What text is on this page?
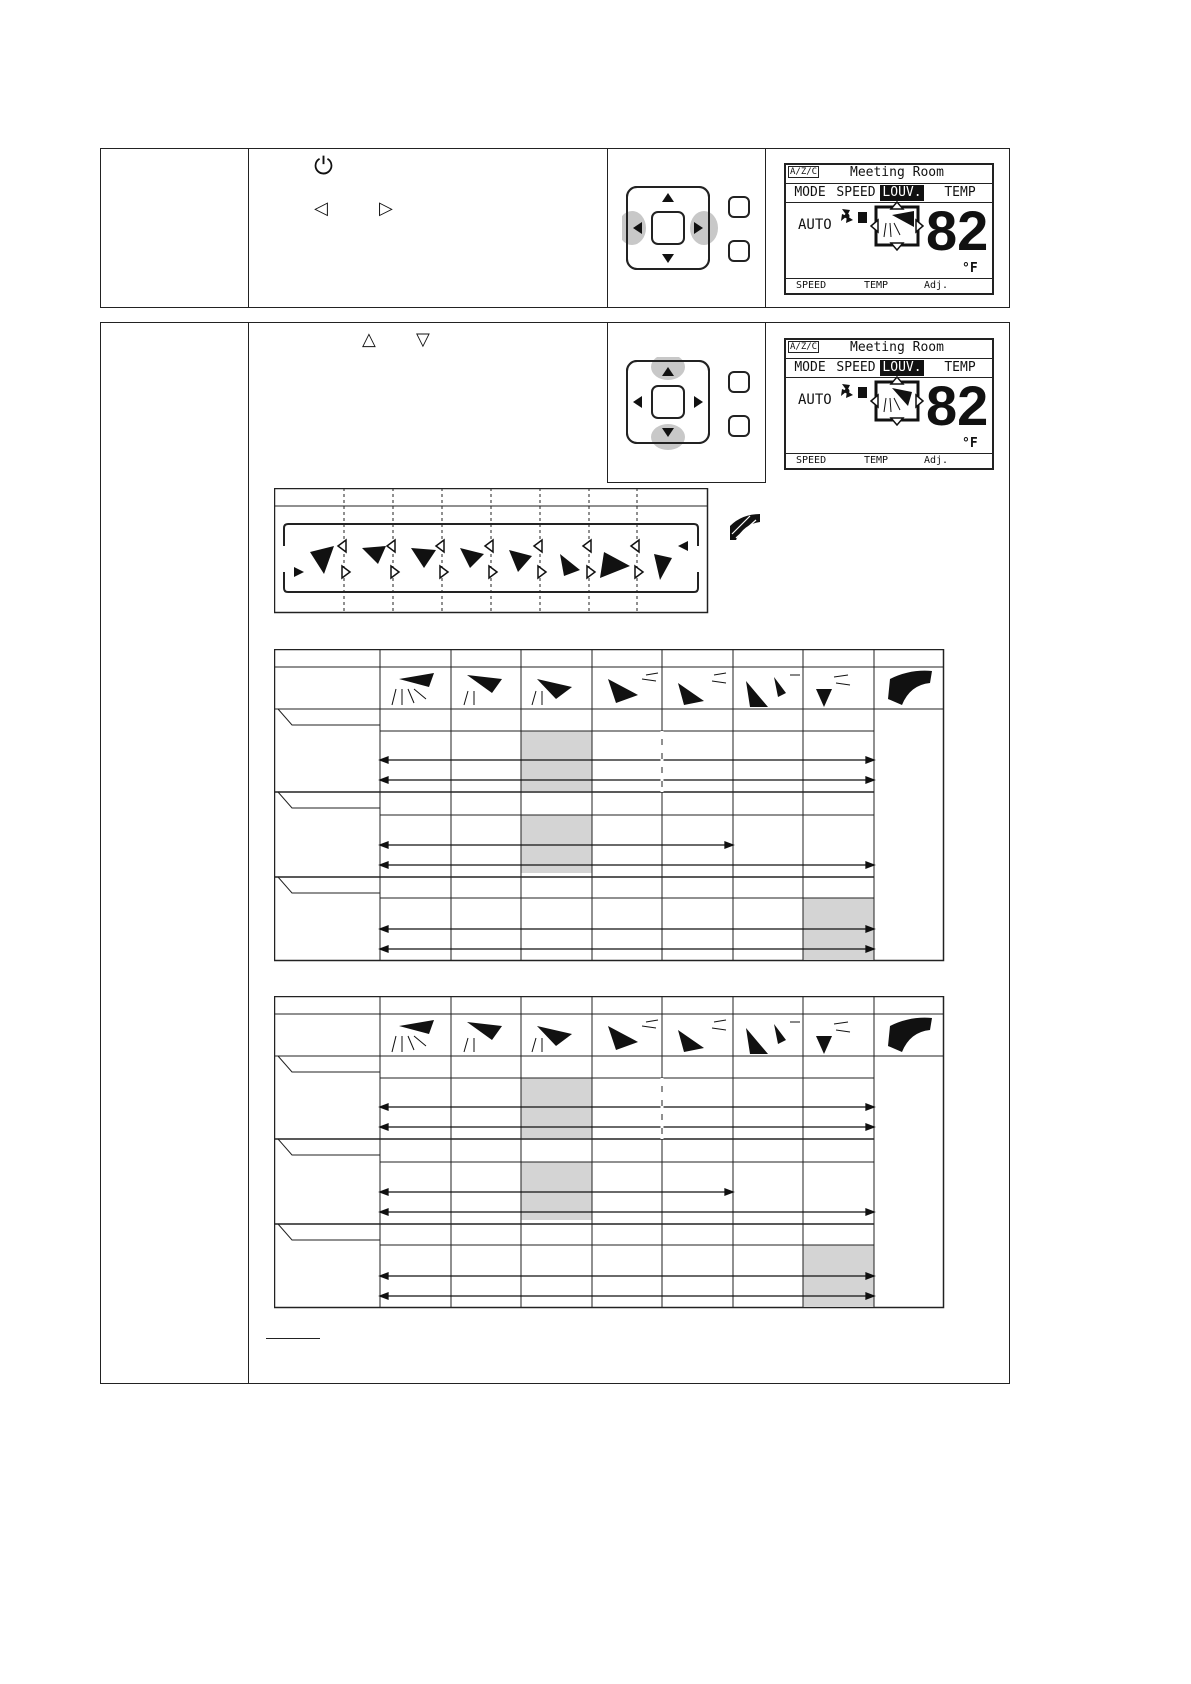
⏻
◁	▷
A/Z/C	Meeting Room
MODE SPEED LOUV.	TEMP
AUTO 82
°F
SPEED	TEMP	Adj.
△ ▽	A/Z/C	Meeting Room
MODE SPEED LOUV.	TEMP
AUTO 82
°F
SPEED	TEMP	Adj.
